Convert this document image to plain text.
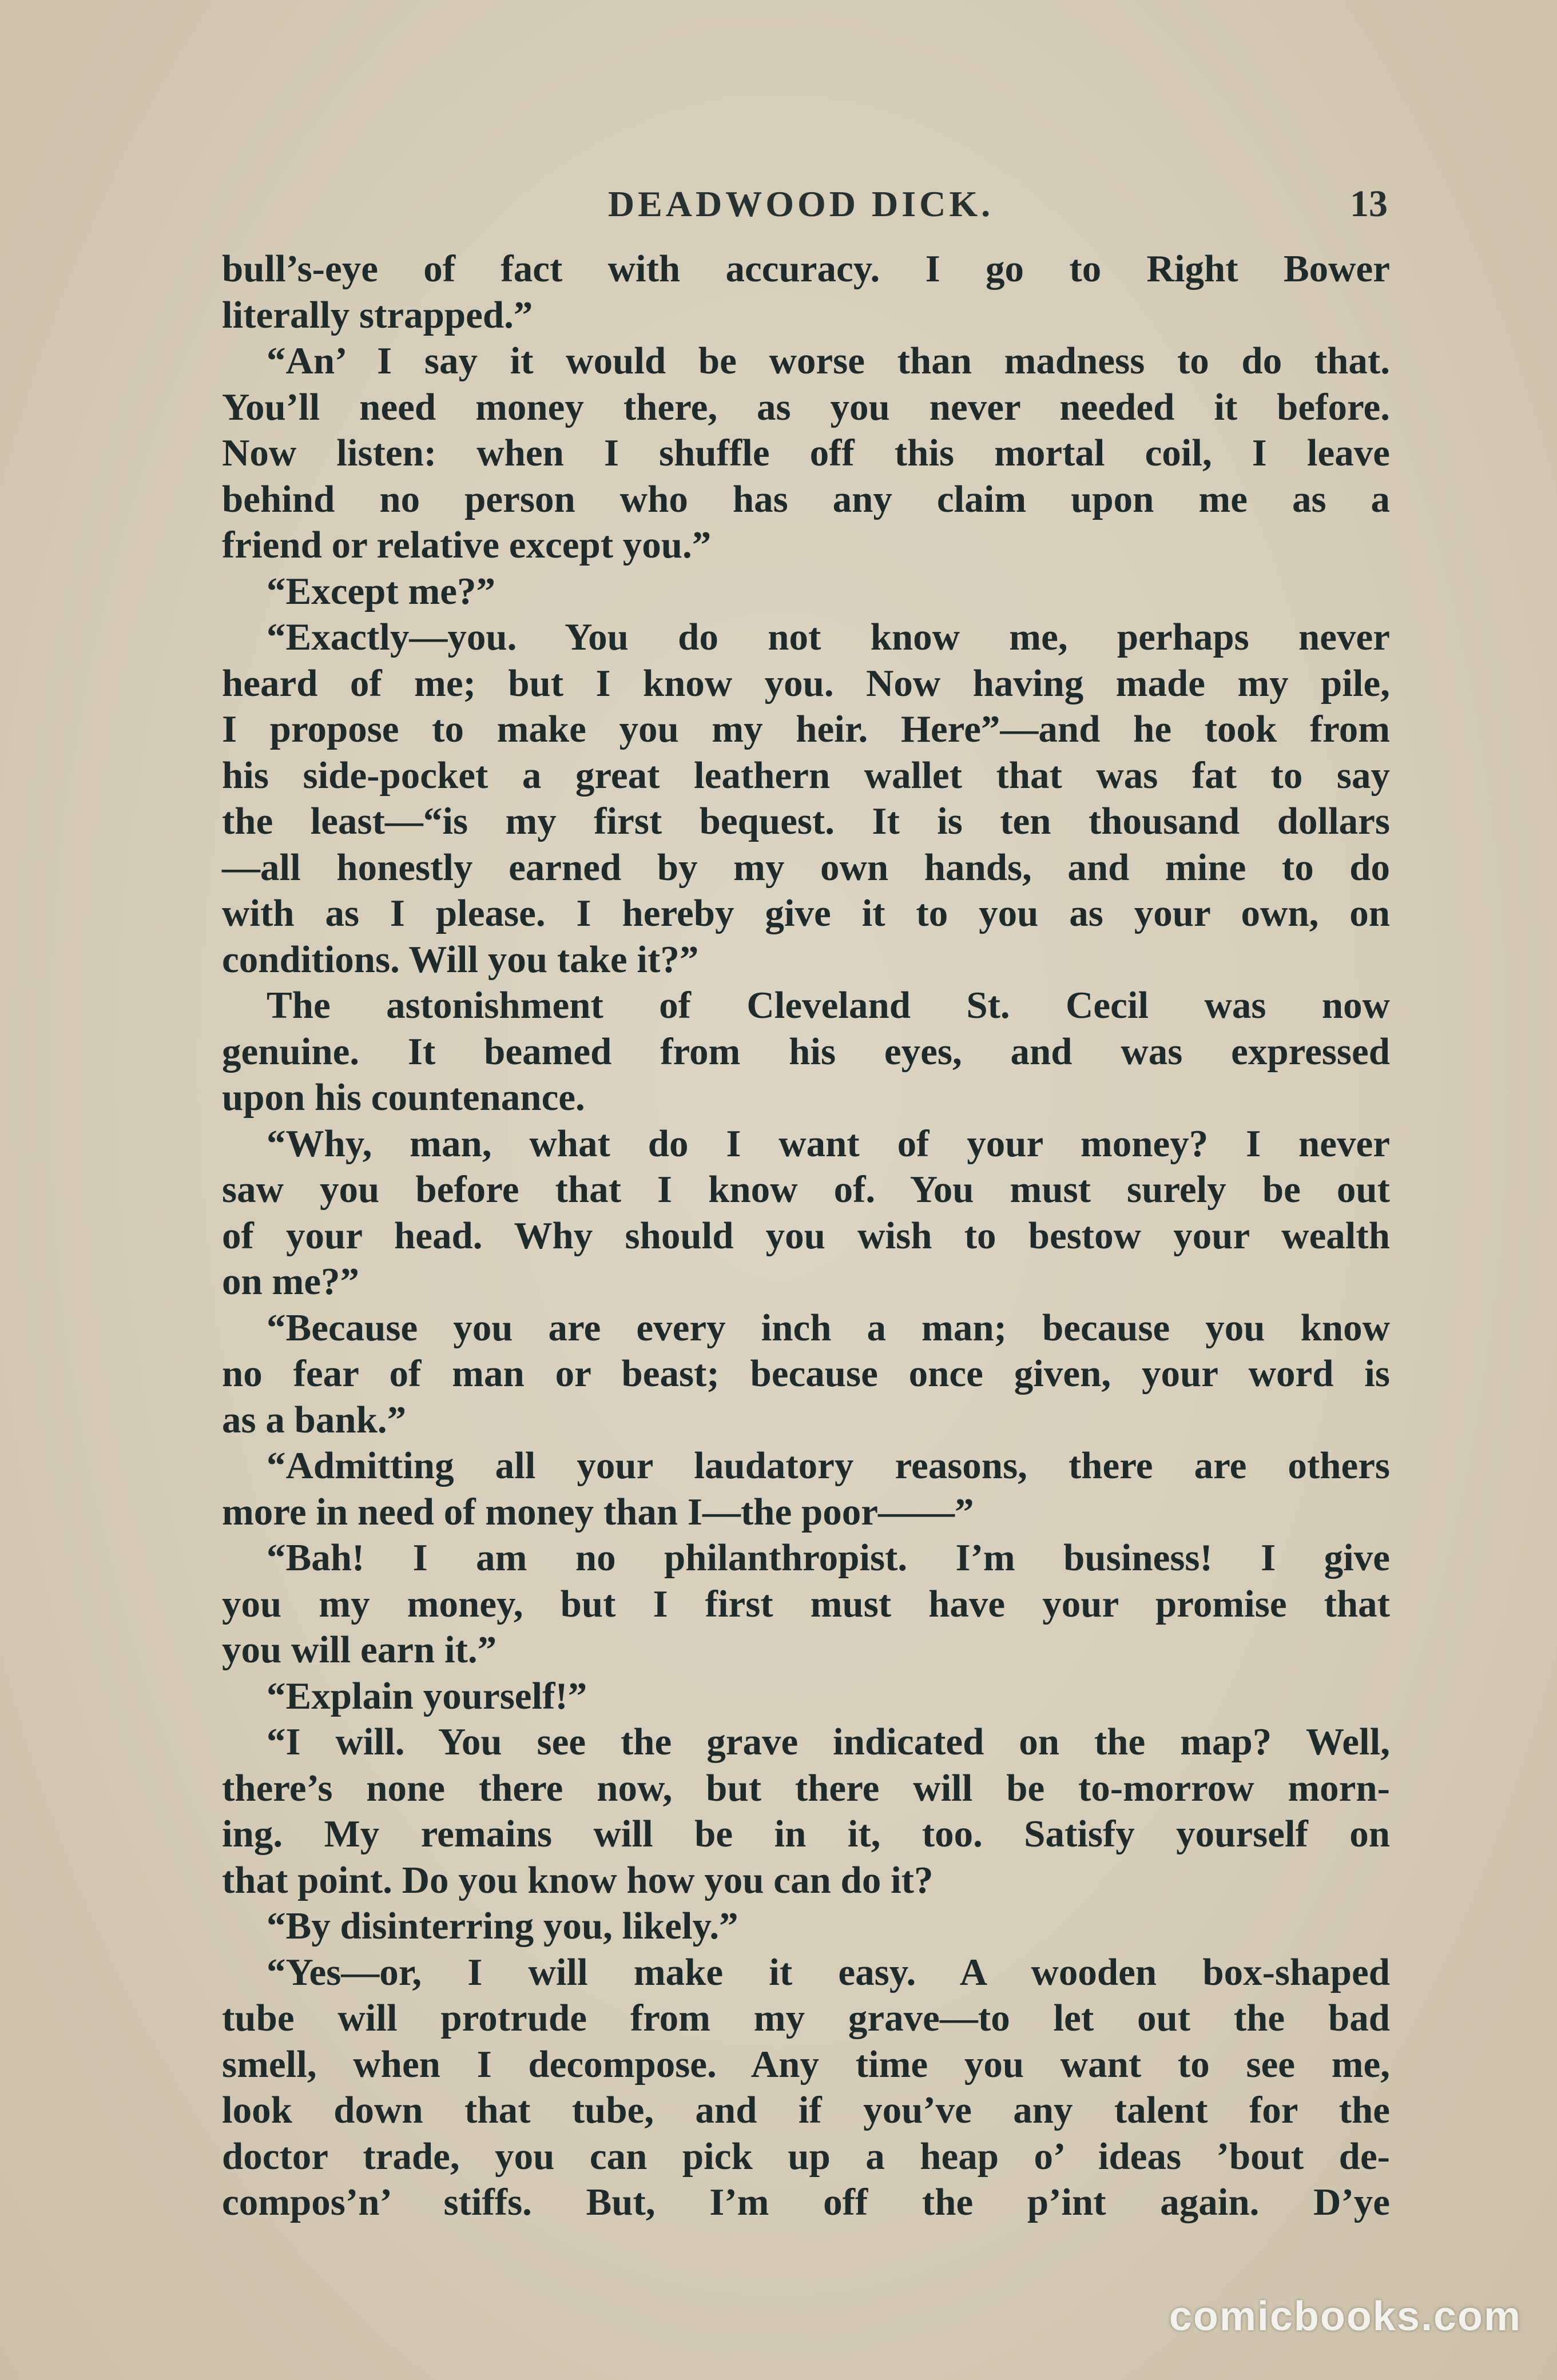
DEADWOOD DICK.	13
bull’s-eye of fact with accuracy. I go to Right Bower
literally strapped.”
“An’ I say it would be worse than madness to do that.
You’ll need money there, as you never needed it before.
Now listen: when I shuffle off this mortal coil, I leave
behind no person who has any claim upon me as a
friend or relative except you.”
“Except me?”
“Exactly—you. You do not know me, perhaps never
heard of me; but I know you. Now having made my pile,
I propose to make you my heir. Here”—and he took from
his side-pocket a great leathern wallet that was fat to say
the least—“is my first bequest. It is ten thousand dollars
—all honestly earned by my own hands, and mine to do
with as I please. I hereby give it to you as your own, on
conditions. Will you take it?”
The astonishment of Cleveland St. Cecil was now
genuine. It beamed from his eyes, and was expressed
upon his countenance.
“Why, man, what do I want of your money? I never
saw you before that I know of. You must surely be out
of your head. Why should you wish to bestow your wealth
on me?”
“Because you are every inch a man; because you know
no fear of man or beast; because once given, your word is
as a bank.”
“Admitting all your laudatory reasons, there are others
more in need of money than I—the poor——”
“Bah! I am no philanthropist. I’m business! I give
you my money, but I first must have your promise that
you will earn it.”
“Explain yourself!”
“I will. You see the grave indicated on the map? Well,
there’s none there now, but there will be to-morrow morn-
ing. My remains will be in it, too. Satisfy yourself on
that point. Do you know how you can do it?
“By disinterring you, likely.”
“Yes—or, I will make it easy. A wooden box-shaped
tube will protrude from my grave—to let out the bad
smell, when I decompose. Any time you want to see me,
look down that tube, and if you’ve any talent for the
doctor trade, you can pick up a heap o’ ideas ’bout de-
compos’n’ stiffs. But, I’m off the p’int again. D’ye
comicbooks.com
